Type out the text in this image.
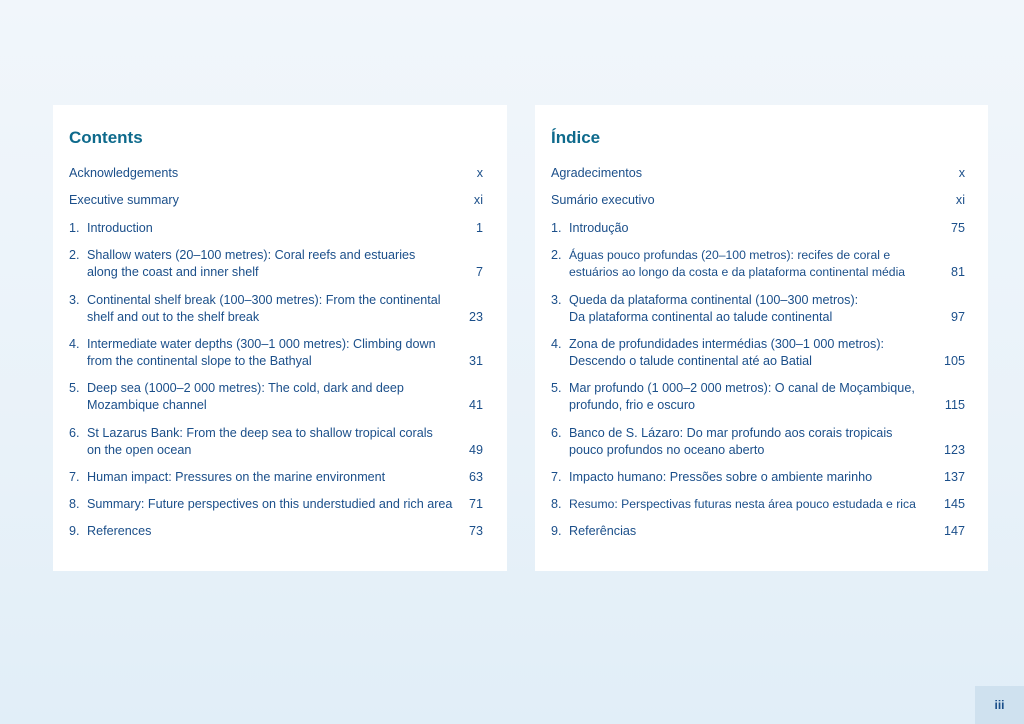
Contents
Acknowledgements	x
Executive summary	xi
1. Introduction	1
2. Shallow waters (20–100 metres): Coral reefs and estuaries
along the coast and inner shelf	7
3. Continental shelf break (100–300 metres): From the continental
shelf and out to the shelf break	23
4. Intermediate water depths (300–1 000 metres): Climbing down
from the continental slope to the Bathyal	31
5. Deep sea (1000–2 000 metres): The cold, dark and deep
Mozambique channel	41
6. St Lazarus Bank: From the deep sea to shallow tropical corals
on the open ocean	49
7. Human impact: Pressures on the marine environment	63
8. Summary: Future perspectives on this understudied and rich area 71
9. References	73
Índice
Agradecimentos	x
Sumário executivo	xi
1. Introdução	75
2. Águas pouco profundas (20–100 metros): recifes de coral e
estuários ao longo da costa e da plataforma continental média	81
3. Queda da plataforma continental (100–300 metros):
Da plataforma continental ao talude continental	97
4. Zona de profundidades intermédias (300–1 000 metros):
Descendo o talude continental até ao Batial	105
5. Mar profundo (1 000–2 000 metros): O canal de Moçambique,
profundo, frio e oscuro	115
6. Banco de S. Lázaro: Do mar profundo aos corais tropicais
pouco profundos no oceano aberto	123
7. Impacto humano: Pressões sobre o ambiente marinho	137
8. Resumo: Perspectivas futuras nesta área pouco estudada e rica 145
9. Referências	147
iii
